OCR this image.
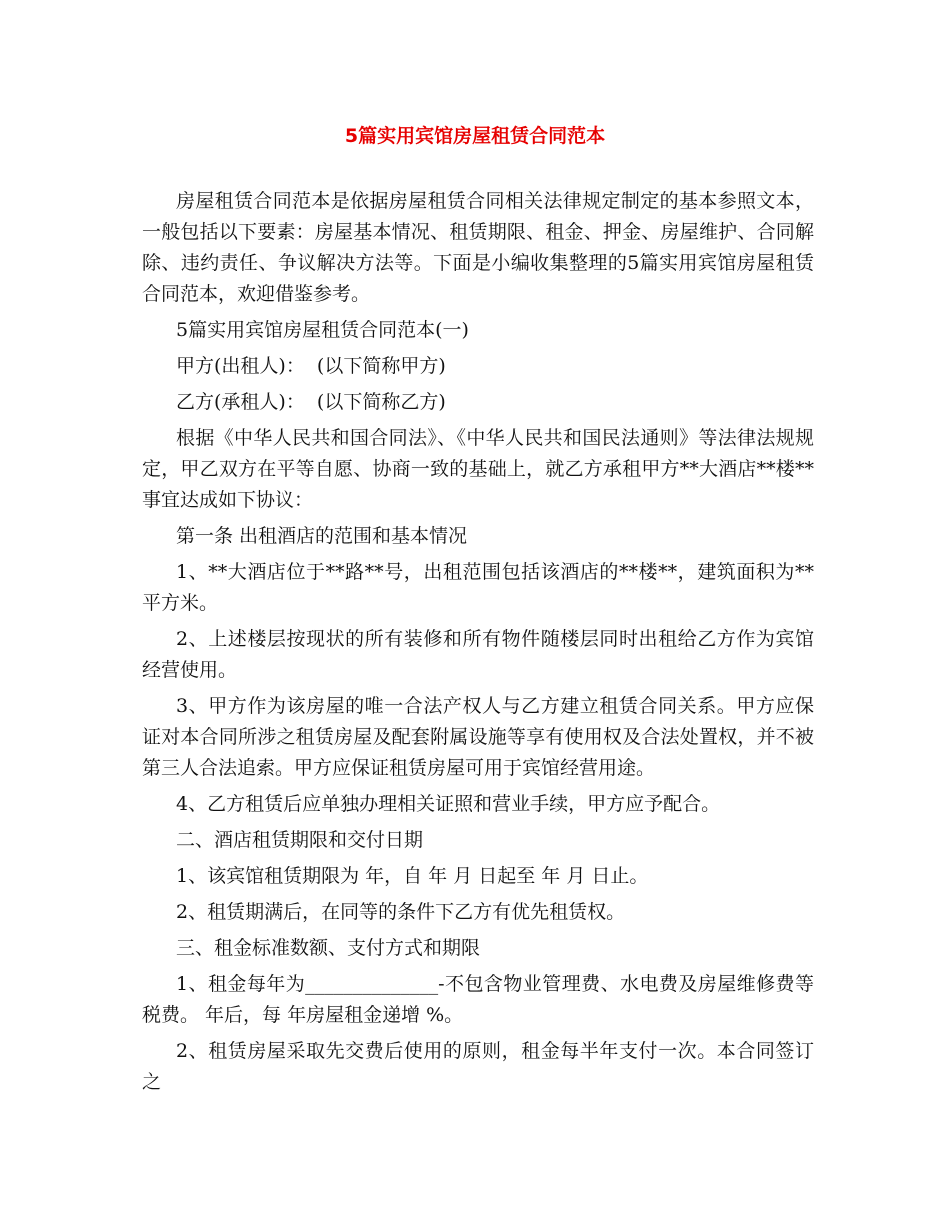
5篇实用宾馆房屋租赁合同范本

房屋租赁合同范本是依据房屋租赁合同相关法律规定制定的基本参照文本，一般包括以下要素：房屋基本情况、租赁期限、租金、押金、房屋维护、合同解除、违约责任、争议解决方法等。下面是小编收集整理的5篇实用宾馆房屋租赁合同范本，欢迎借鉴参考。

5篇实用宾馆房屋租赁合同范本(一)

甲方(出租人)：  (以下简称甲方)

乙方(承租人)：  (以下简称乙方)

根据《中华人民共和国合同法》、《中华人民共和国民法通则》等法律法规规定，甲乙双方在平等自愿、协商一致的基础上，就乙方承租甲方**大酒店**楼**事宜达成如下协议：

第一条 出租酒店的范围和基本情况

1、**大酒店位于**路**号，出租范围包括该酒店的**楼**，建筑面积为**平方米。

2、上述楼层按现状的所有装修和所有物件随楼层同时出租给乙方作为宾馆经营使用。

3、甲方作为该房屋的唯一合法产权人与乙方建立租赁合同关系。甲方应保证对本合同所涉之租赁房屋及配套附属设施等享有使用权及合法处置权，并不被第三人合法追索。甲方应保证租赁房屋可用于宾馆经营用途。

4、乙方租赁后应单独办理相关证照和营业手续，甲方应予配合。

二、酒店租赁期限和交付日期

1、该宾馆租赁期限为 年，自 年 月 日起至 年 月 日止。

2、租赁期满后，在同等的条件下乙方有优先租赁权。

三、租金标准数额、支付方式和期限

1、租金每年为______________-不包含物业管理费、水电费及房屋维修费等税费。 年后，每 年房屋租金递增 %。

2、租赁房屋采取先交费后使用的原则，租金每半年支付一次。本合同签订之
